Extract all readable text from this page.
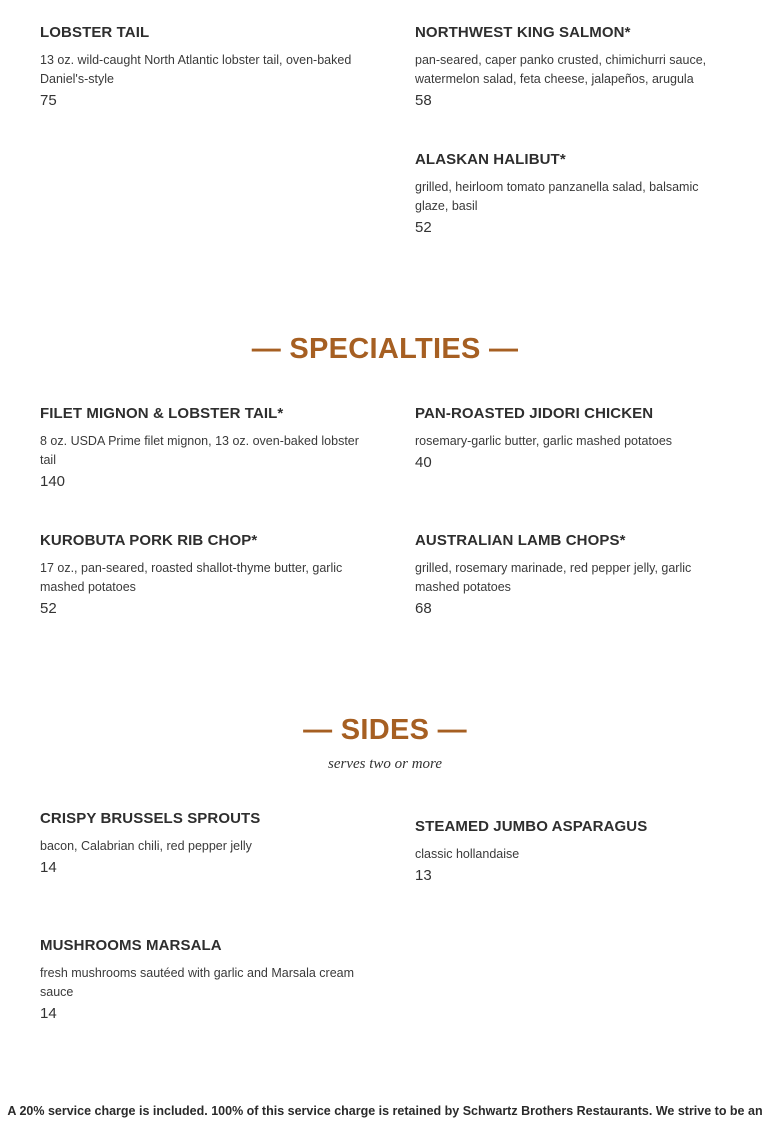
LOBSTER TAIL
13 oz. wild-caught North Atlantic lobster tail, oven-baked Daniel's-style
75
NORTHWEST KING SALMON*
pan-seared, caper panko crusted, chimichurri sauce, watermelon salad, feta cheese, jalapeños, arugula
58
ALASKAN HALIBUT*
grilled, heirloom tomato panzanella salad, balsamic glaze, basil
52
— SPECIALTIES —
FILET MIGNON & LOBSTER TAIL*
8 oz. USDA Prime filet mignon, 13 oz. oven-baked lobster tail
140
PAN-ROASTED JIDORI CHICKEN
rosemary-garlic butter, garlic mashed potatoes
40
KUROBUTA PORK RIB CHOP*
17 oz., pan-seared, roasted shallot-thyme butter, garlic mashed potatoes
52
AUSTRALIAN LAMB CHOPS*
grilled, rosemary marinade, red pepper jelly, garlic mashed potatoes
68
— SIDES —
serves two or more
CRISPY BRUSSELS SPROUTS
bacon, Calabrian chili, red pepper jelly
14
STEAMED JUMBO ASPARAGUS
classic hollandaise
13
MUSHROOMS MARSALA
fresh mushrooms sautéed with garlic and Marsala cream sauce
14
A 20% service charge is included. 100% of this service charge is retained by Schwartz Brothers Restaurants. We strive to be an
